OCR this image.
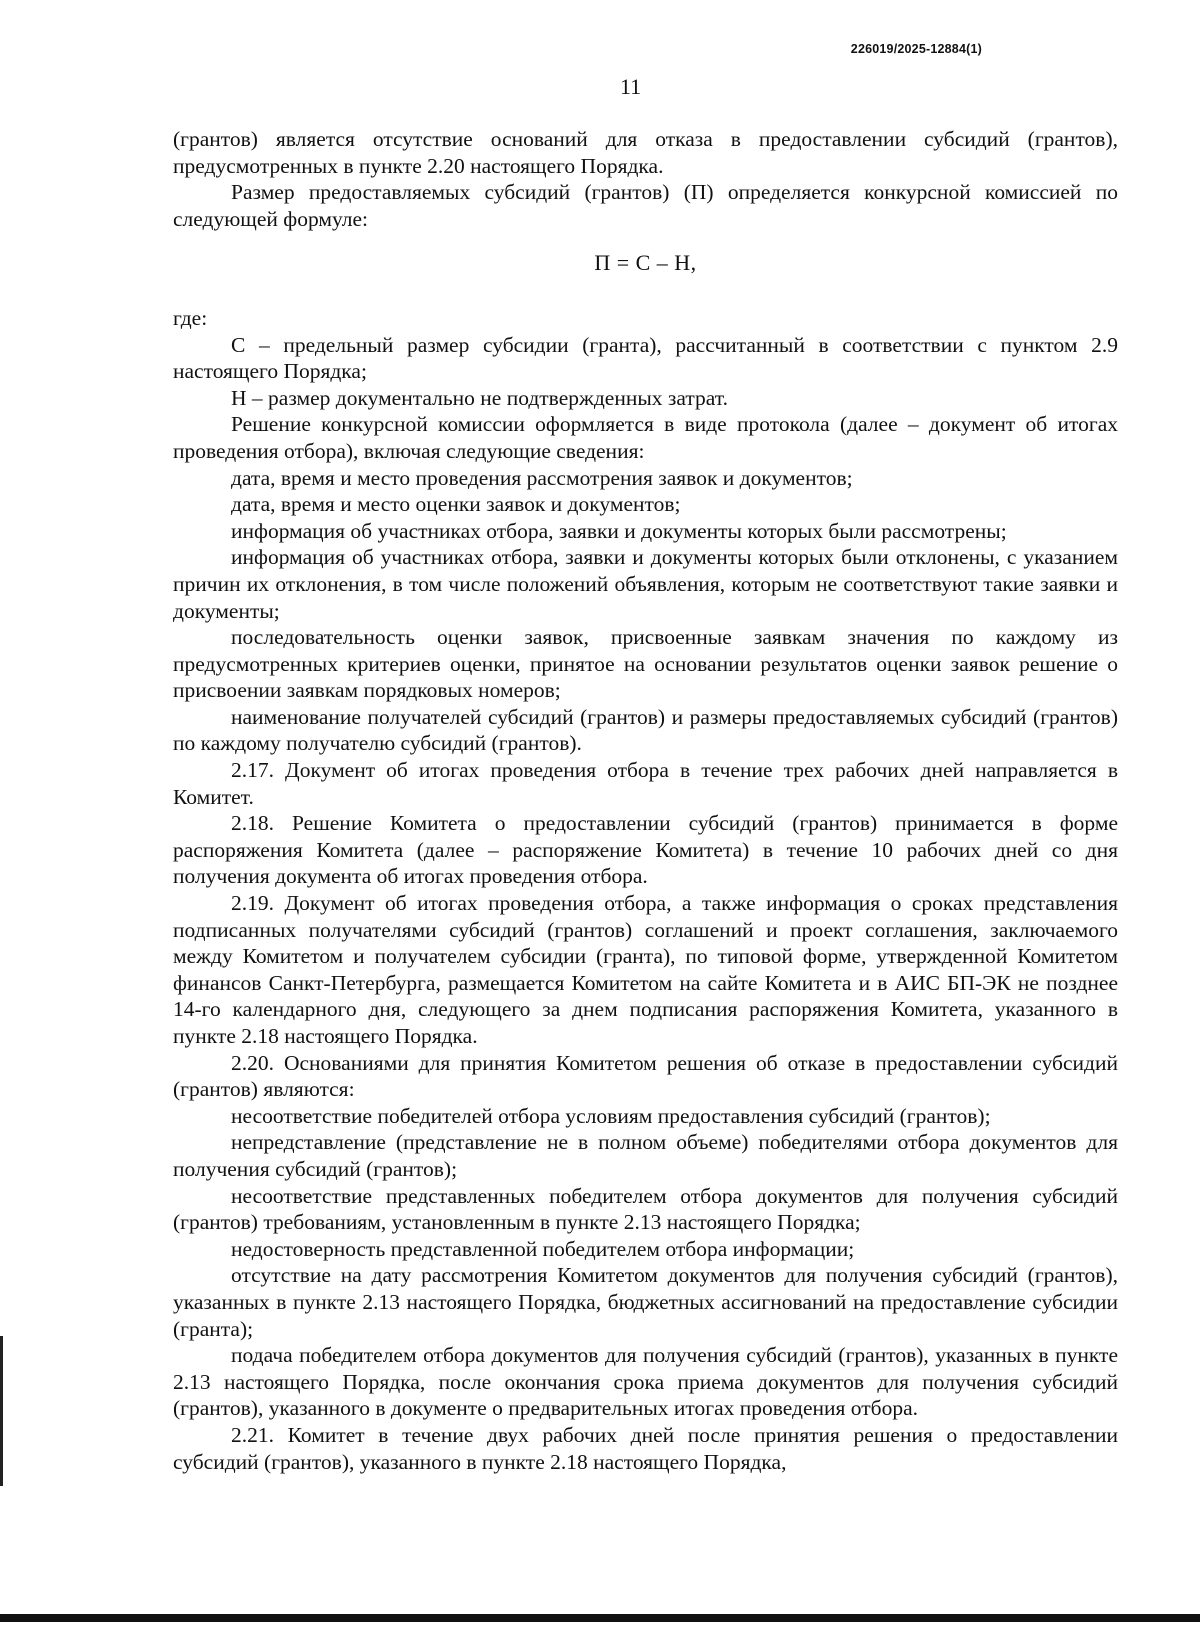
226019/2025-12884(1)
11

(грантов) является отсутствие оснований для отказа в предоставлении субсидий (грантов), предусмотренных в пункте 2.20 настоящего Порядка.

Размер предоставляемых субсидий (грантов) (П) определяется конкурсной комиссией по следующей формуле:

П = С – Н,

где:

С – предельный размер субсидии (гранта), рассчитанный в соответствии с пунктом 2.9 настоящего Порядка;

Н – размер документально не подтвержденных затрат.

Решение конкурсной комиссии оформляется в виде протокола (далее – документ об итогах проведения отбора), включая следующие сведения:

дата, время и место проведения рассмотрения заявок и документов;

дата, время и место оценки заявок и документов;

информация об участниках отбора, заявки и документы которых были рассмотрены;

информация об участниках отбора, заявки и документы которых были отклонены, с указанием причин их отклонения, в том числе положений объявления, которым не соответствуют такие заявки и документы;

последовательность оценки заявок, присвоенные заявкам значения по каждому из предусмотренных критериев оценки, принятое на основании результатов оценки заявок решение о присвоении заявкам порядковых номеров;

наименование получателей субсидий (грантов) и размеры предоставляемых субсидий (грантов) по каждому получателю субсидий (грантов).

2.17. Документ об итогах проведения отбора в течение трех рабочих дней направляется в Комитет.

2.18. Решение Комитета о предоставлении субсидий (грантов) принимается в форме распоряжения Комитета (далее – распоряжение Комитета) в течение 10 рабочих дней со дня получения документа об итогах проведения отбора.

2.19. Документ об итогах проведения отбора, а также информация о сроках представления подписанных получателями субсидий (грантов) соглашений и проект соглашения, заключаемого между Комитетом и получателем субсидии (гранта), по типовой форме, утвержденной Комитетом финансов Санкт-Петербурга, размещается Комитетом на сайте Комитета и в АИС БП-ЭК не позднее 14-го календарного дня, следующего за днем подписания распоряжения Комитета, указанного в пункте 2.18 настоящего Порядка.

2.20. Основаниями для принятия Комитетом решения об отказе в предоставлении субсидий (грантов) являются:

несоответствие победителей отбора условиям предоставления субсидий (грантов);

непредставление (представление не в полном объеме) победителями отбора документов для получения субсидий (грантов);

несоответствие представленных победителем отбора документов для получения субсидий (грантов) требованиям, установленным в пункте 2.13 настоящего Порядка;

недостоверность представленной победителем отбора информации;

отсутствие на дату рассмотрения Комитетом документов для получения субсидий (грантов), указанных в пункте 2.13 настоящего Порядка, бюджетных ассигнований на предоставление субсидии (гранта);

подача победителем отбора документов для получения субсидий (грантов), указанных в пункте 2.13 настоящего Порядка, после окончания срока приема документов для получения субсидий (грантов), указанного в документе о предварительных итогах проведения отбора.

2.21. Комитет в течение двух рабочих дней после принятия решения о предоставлении субсидий (грантов), указанного в пункте 2.18 настоящего Порядка,
